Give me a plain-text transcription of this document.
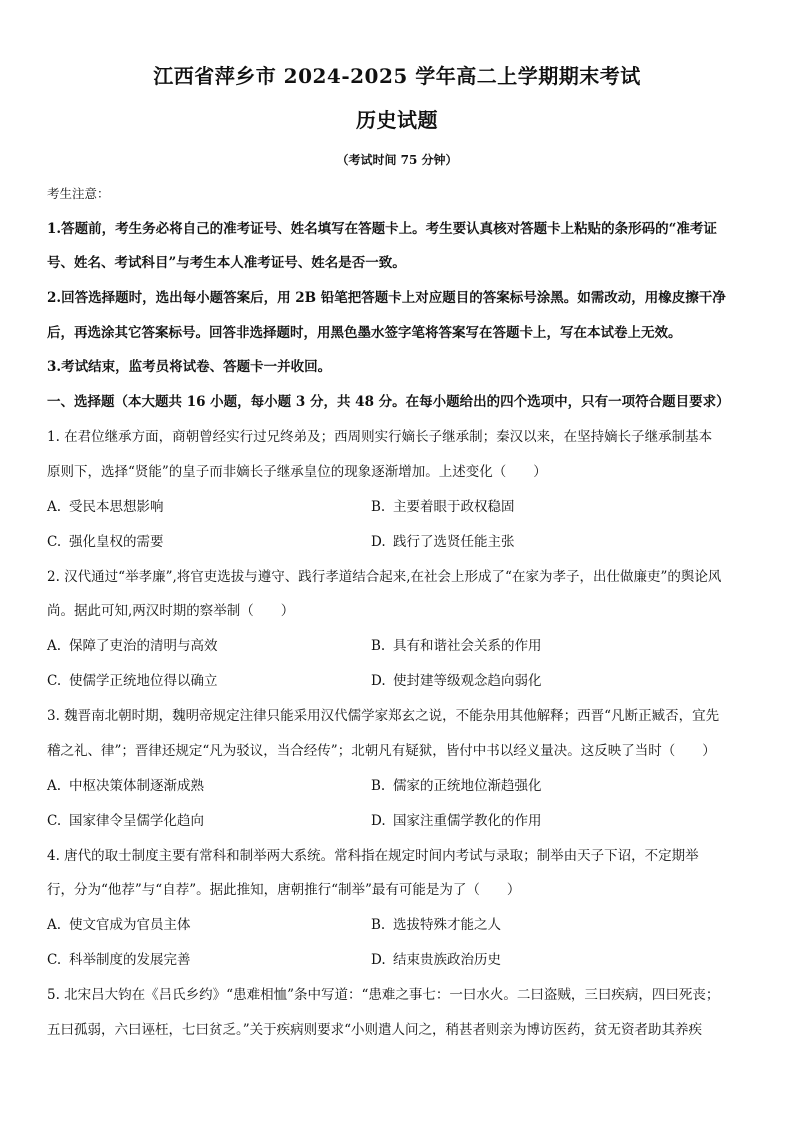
江西省萍乡市 2024-2025 学年高二上学期期末考试
历史试题
（考试时间 75 分钟）
考生注意：
1.答题前，考生务必将自己的准考证号、姓名填写在答题卡上。考生要认真核对答题卡上粘贴的条形码的“准考证
号、姓名、考试科目”与考生本人准考证号、姓名是否一致。
2.回答选择题时，选出每小题答案后，用 2B 铅笔把答题卡上对应题目的答案标号涂黑。如需改动，用橡皮擦干净
后，再选涂其它答案标号。回答非选择题时，用黑色墨水签字笔将答案写在答题卡上，写在本试卷上无效。
3.考试结束，监考员将试卷、答题卡一并收回。
一、选择题（本大题共 16 小题，每小题 3 分，共 48 分。在每小题给出的四个选项中，只有一项符合题目要求）
1. 在君位继承方面，商朝曾经实行过兄终弟及；西周则实行嫡长子继承制；秦汉以来，在坚持嫡长子继承制基本
原则下，选择“贤能”的皇子而非嫡长子继承皇位的现象逐渐增加。上述变化（　　）
A. 受民本思想影响	B. 主要着眼于政权稳固
C. 强化皇权的需要	D. 践行了选贤任能主张
2. 汉代通过“举孝廉”,将官吏选拔与遵守、践行孝道结合起来,在社会上形成了“在家为孝子，出仕做廉吏”的舆论风
尚。据此可知,两汉时期的察举制（　　）
A. 保障了吏治的清明与高效	B. 具有和谐社会关系的作用
C. 使儒学正统地位得以确立	D. 使封建等级观念趋向弱化
3. 魏晋南北朝时期，魏明帝规定注律只能采用汉代儒学家郑玄之说，不能杂用其他解释；西晋“凡断正臧否，宜先
稽之礼、律”；晋律还规定“凡为驳议，当合经传”；北朝凡有疑狱，皆付中书以经义量决。这反映了当时（　　）
A. 中枢决策体制逐渐成熟	B. 儒家的正统地位渐趋强化
C. 国家律令呈儒学化趋向	D. 国家注重儒学教化的作用
4. 唐代的取士制度主要有常科和制举两大系统。常科指在规定时间内考试与录取；制举由天子下诏，不定期举
行，分为“他荐”与“自荐”。据此推知，唐朝推行“制举”最有可能是为了（　　）
A. 使文官成为官员主体	B. 选拔特殊才能之人
C. 科举制度的发展完善	D. 结束贵族政治历史
5. 北宋吕大钧在《吕氏乡约》“患难相恤”条中写道：“患难之事七：一曰水火。二曰盗贼，三曰疾病，四曰死丧；
五曰孤弱，六曰诬枉，七曰贫乏。”关于疾病则要求“小则遣人问之，稍甚者则亲为博访医药，贫无资者助其养疾
